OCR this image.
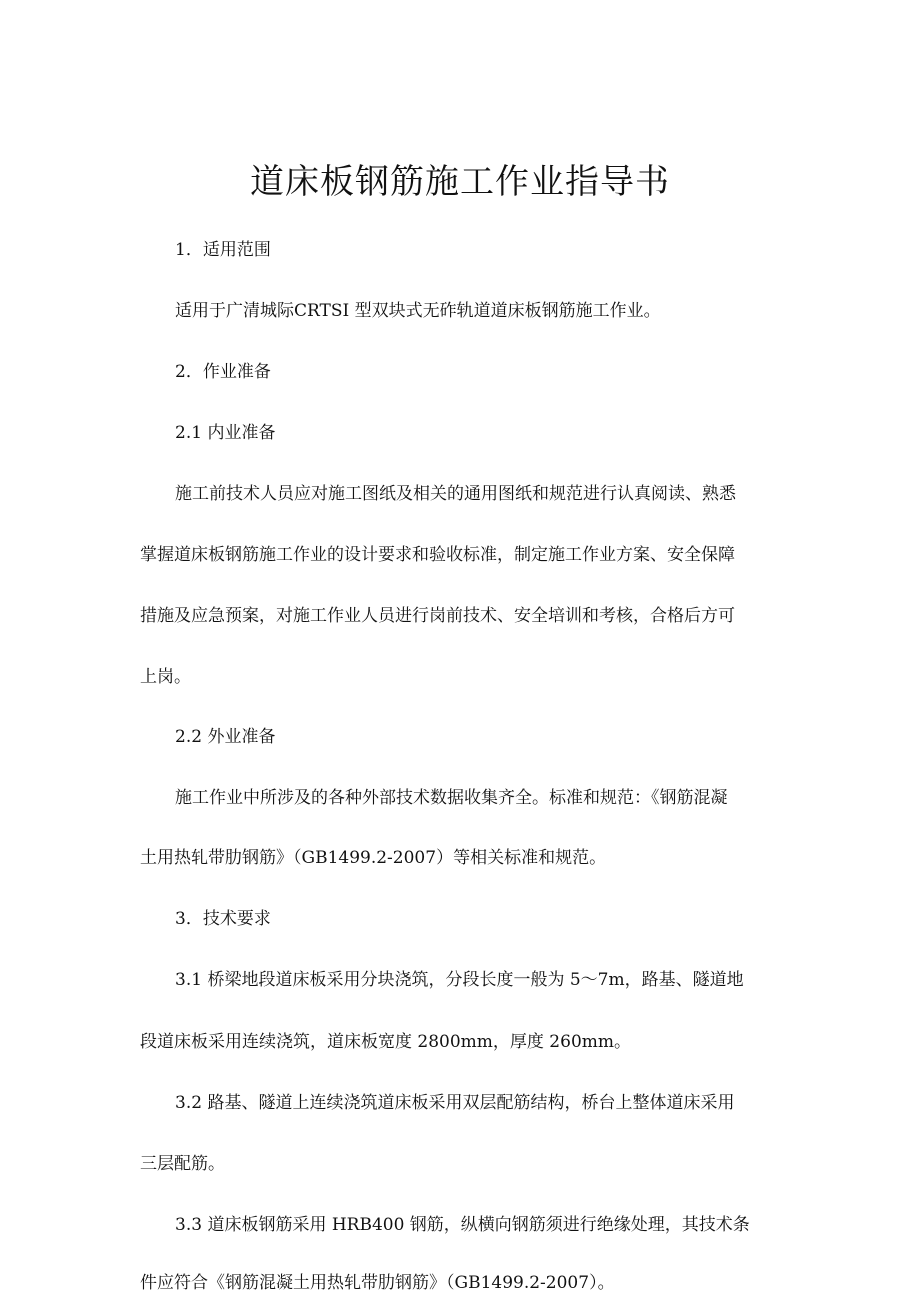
道床板钢筋施工作业指导书
1．适用范围
适用于广清城际CRTSI 型双块式无砟轨道道床板钢筋施工作业。
2．作业准备
2.1 内业准备
施工前技术人员应对施工图纸及相关的通用图纸和规范进行认真阅读、熟悉
掌握道床板钢筋施工作业的设计要求和验收标准，制定施工作业方案、安全保障
措施及应急预案，对施工作业人员进行岗前技术、安全培训和考核，合格后方可
上岗。
2.2 外业准备
施工作业中所涉及的各种外部技术数据收集齐全。标准和规范：《钢筋混凝
土用热轧带肋钢筋》（GB1499.2-2007）等相关标准和规范。
3．技术要求
3.1 桥梁地段道床板采用分块浇筑，分段长度一般为 5～7m，路基、隧道地
段道床板采用连续浇筑，道床板宽度 2800mm，厚度 260mm。
3.2 路基、隧道上连续浇筑道床板采用双层配筋结构，桥台上整体道床采用
三层配筋。
3.3 道床板钢筋采用 HRB400 钢筋，纵横向钢筋须进行绝缘处理，其技术条
件应符合《钢筋混凝土用热轧带肋钢筋》（GB1499.2-2007）。
